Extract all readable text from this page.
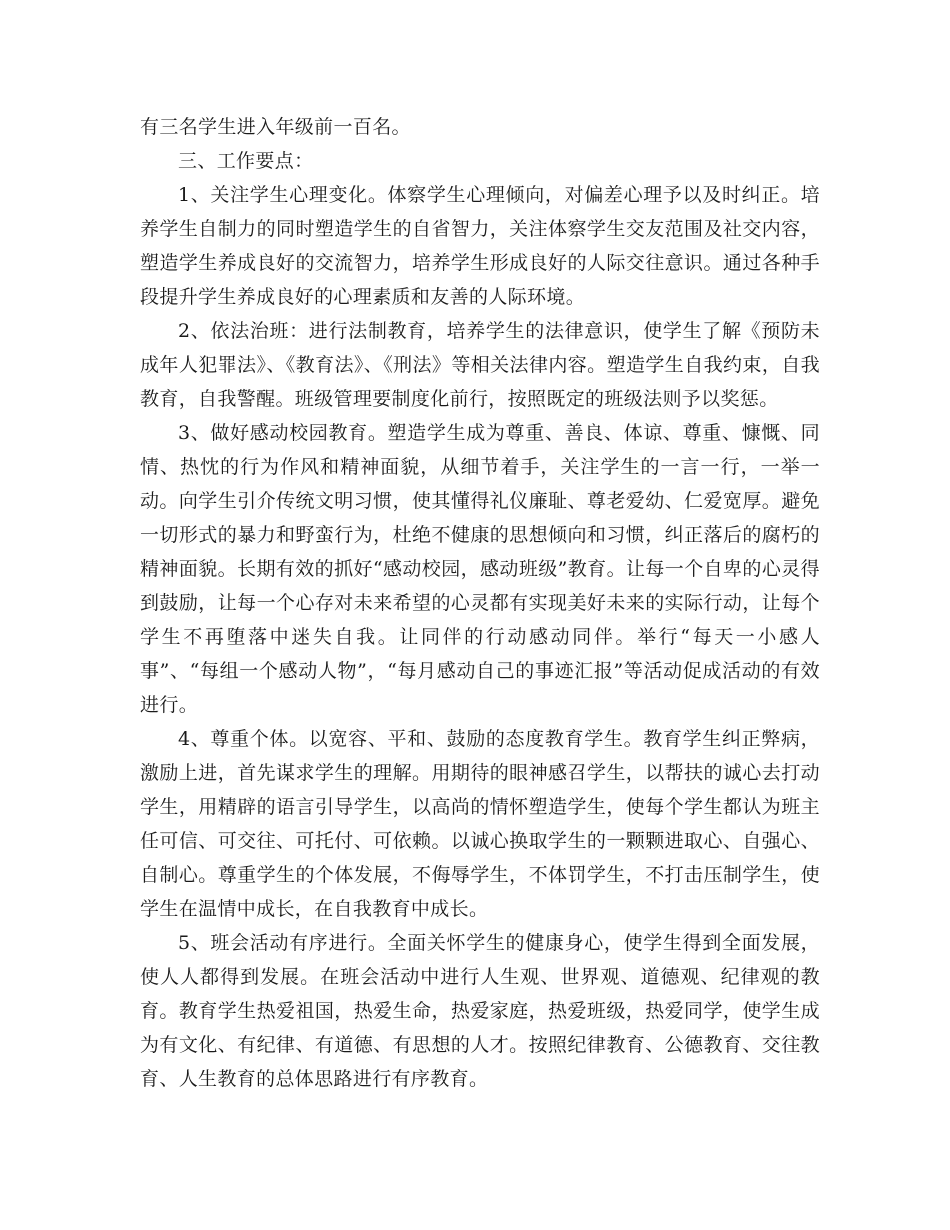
有三名学生进入年级前一百名。

三、工作要点：

1、关注学生心理变化。体察学生心理倾向，对偏差心理予以及时纠正。培养学生自制力的同时塑造学生的自省智力，关注体察学生交友范围及社交内容，塑造学生养成良好的交流智力，培养学生形成良好的人际交往意识。通过各种手段提升学生养成良好的心理素质和友善的人际环境。

2、依法治班：进行法制教育，培养学生的法律意识，使学生了解《预防未成年人犯罪法》、《教育法》、《刑法》等相关法律内容。塑造学生自我约束，自我教育，自我警醒。班级管理要制度化前行，按照既定的班级法则予以奖惩。

3、做好感动校园教育。塑造学生成为尊重、善良、体谅、尊重、慷慨、同情、热忱的行为作风和精神面貌，从细节着手，关注学生的一言一行，一举一动。向学生引介传统文明习惯，使其懂得礼仪廉耻、尊老爱幼、仁爱宽厚。避免一切形式的暴力和野蛮行为，杜绝不健康的思想倾向和习惯，纠正落后的腐朽的精神面貌。长期有效的抓好“感动校园，感动班级”教育。让每一个自卑的心灵得到鼓励，让每一个心存对未来希望的心灵都有实现美好未来的实际行动，让每个学生不再堕落中迷失自我。让同伴的行动感动同伴。举行“每天一小感人事”、“每组一个感动人物”，“每月感动自己的事迹汇报”等活动促成活动的有效进行。

4、尊重个体。以宽容、平和、鼓励的态度教育学生。教育学生纠正弊病，激励上进，首先谋求学生的理解。用期待的眼神感召学生，以帮扶的诚心去打动学生，用精辟的语言引导学生，以高尚的情怀塑造学生，使每个学生都认为班主任可信、可交往、可托付、可依赖。以诚心换取学生的一颗颗进取心、自强心、自制心。尊重学生的个体发展，不侮辱学生，不体罚学生，不打击压制学生，使学生在温情中成长，在自我教育中成长。

5、班会活动有序进行。全面关怀学生的健康身心，使学生得到全面发展，使人人都得到发展。在班会活动中进行人生观、世界观、道德观、纪律观的教育。教育学生热爱祖国，热爱生命，热爱家庭，热爱班级，热爱同学，使学生成为有文化、有纪律、有道德、有思想的人才。按照纪律教育、公德教育、交往教育、人生教育的总体思路进行有序教育。
